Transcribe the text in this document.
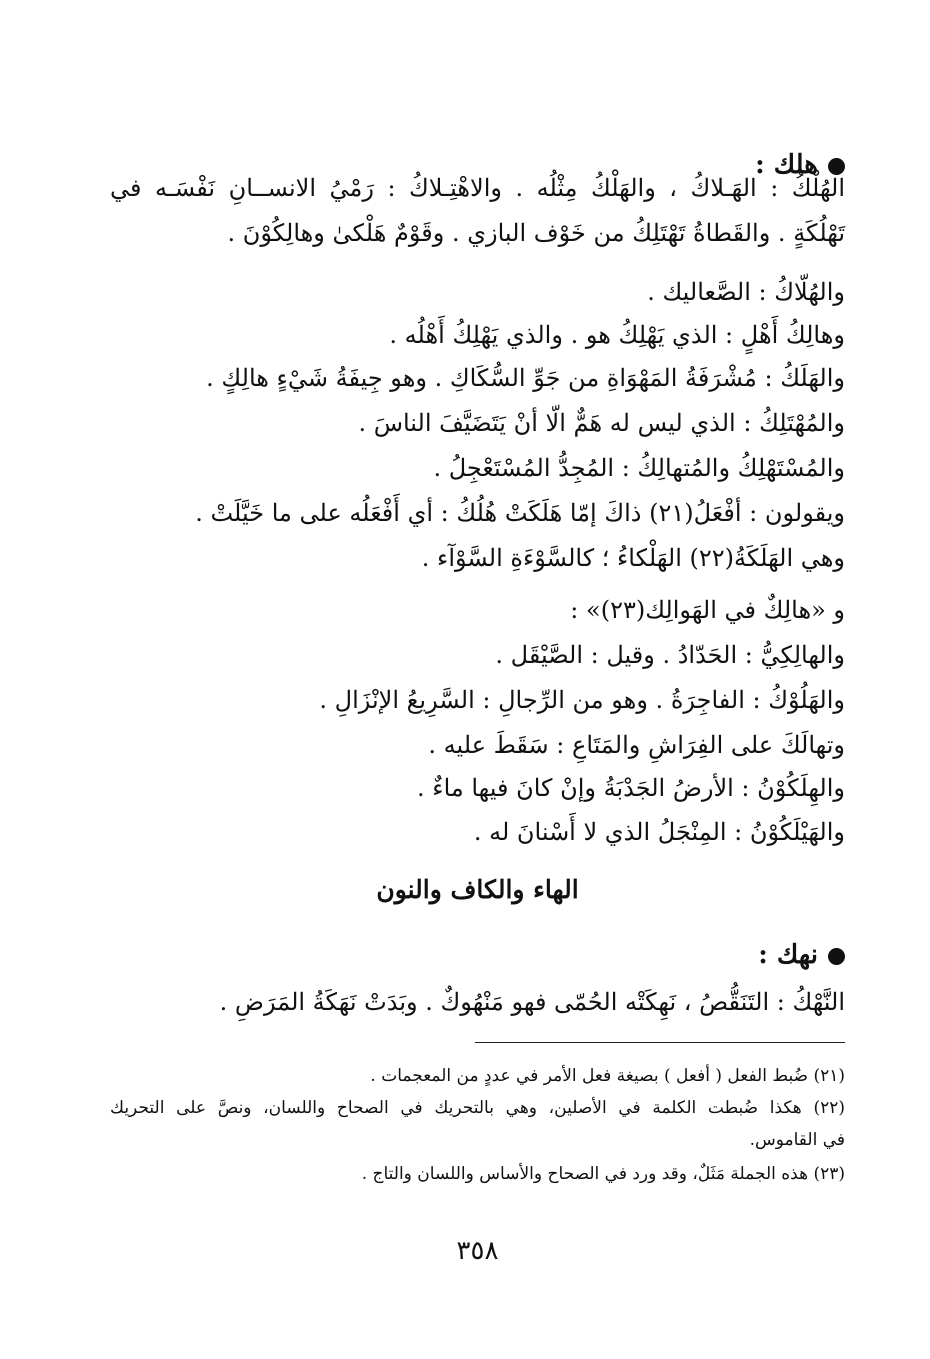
هلك :
الهُلْكُ : الهَـلاكُ ، والهَلْكُ مِثْلُه . والاهْتِـلاكُ : رَمْيُ الانســانِ نَفْسَـه في
تَهْلُكَةٍ . والقَطاةُ تَهْتَلِكُ من خَوْف البازي . وقَوْمٌ هَلْكىٰ وهالِكُوْنَ .
والهُلّاكُ : الصَّعاليك .
وهالِكُ أَهْلٍ : الذي يَهْلِكُ هو . والذي يَهْلِكُ أَهْلُه .
والهَلَكُ : مُشْرَفَةُ المَهْوَاةِ من جَوِّ السُّكَاكِ . وهو جِيفَةُ شَيْءٍ هالِكٍ .
والمُهْتَلِكُ : الذي ليس له هَمٌّ الّا أنْ يَتَضَيَّفَ الناسَ .
والمُسْتَهْلِكُ والمُتهالِكُ : المُجِدُّ المُسْتَعْجِلُ .
ويقولون : أفْعَلُ(٢١) ذاكَ إمّا هَلَكَتْ هُلُكُ : أي أَفْعَلُه على ما خَيَّلَتْ .
وهي الهَلَكَةُ(٢٢) الهَلْكاءُ ؛ كالسَّوْءَةِ السَّوْآء .
و «هالِكٌ في الهَوالِك(٢٣)» :
والهالِكِيُّ : الحَدّادُ . وقيل : الصَّيْقَل .
والهَلُوْكُ : الفاجِرَةُ . وهو من الرِّجالِ : السَّرِيعُ الإنْزَالِ .
وتهالَكَ على الفِرَاشِ والمَتَاعِ : سَقَطَ عليه .
والهِلَكُوْنُ : الأرضُ الجَدْبَةُ وإنْ كانَ فيها ماءٌ .
والهَيْلَكُوْنُ : المِنْجَلُ الذي لا أَسْنانَ له .
الهاء والكاف والنون
نهك :
النَّهْكُ : التَنَقُّصُ ، نَهِكَتْه الحُمّى فهو مَنْهُوكٌ . وبَدَتْ نَهَكَةُ المَرَضِ .
(٢١) ضُبط الفعل ( أفعل ) بصيغة فعل الأمر في عددٍ من المعجمات .
(٢٢) هكذا ضُبطت الكلمة في الأصلين، وهي بالتحريك في الصحاح واللسان، ونصَّ على التحريك
في القاموس.
(٢٣) هذه الجملة مَثَلٌ، وقد ورد في الصحاح والأساس واللسان والتاج .
٣٥٨
